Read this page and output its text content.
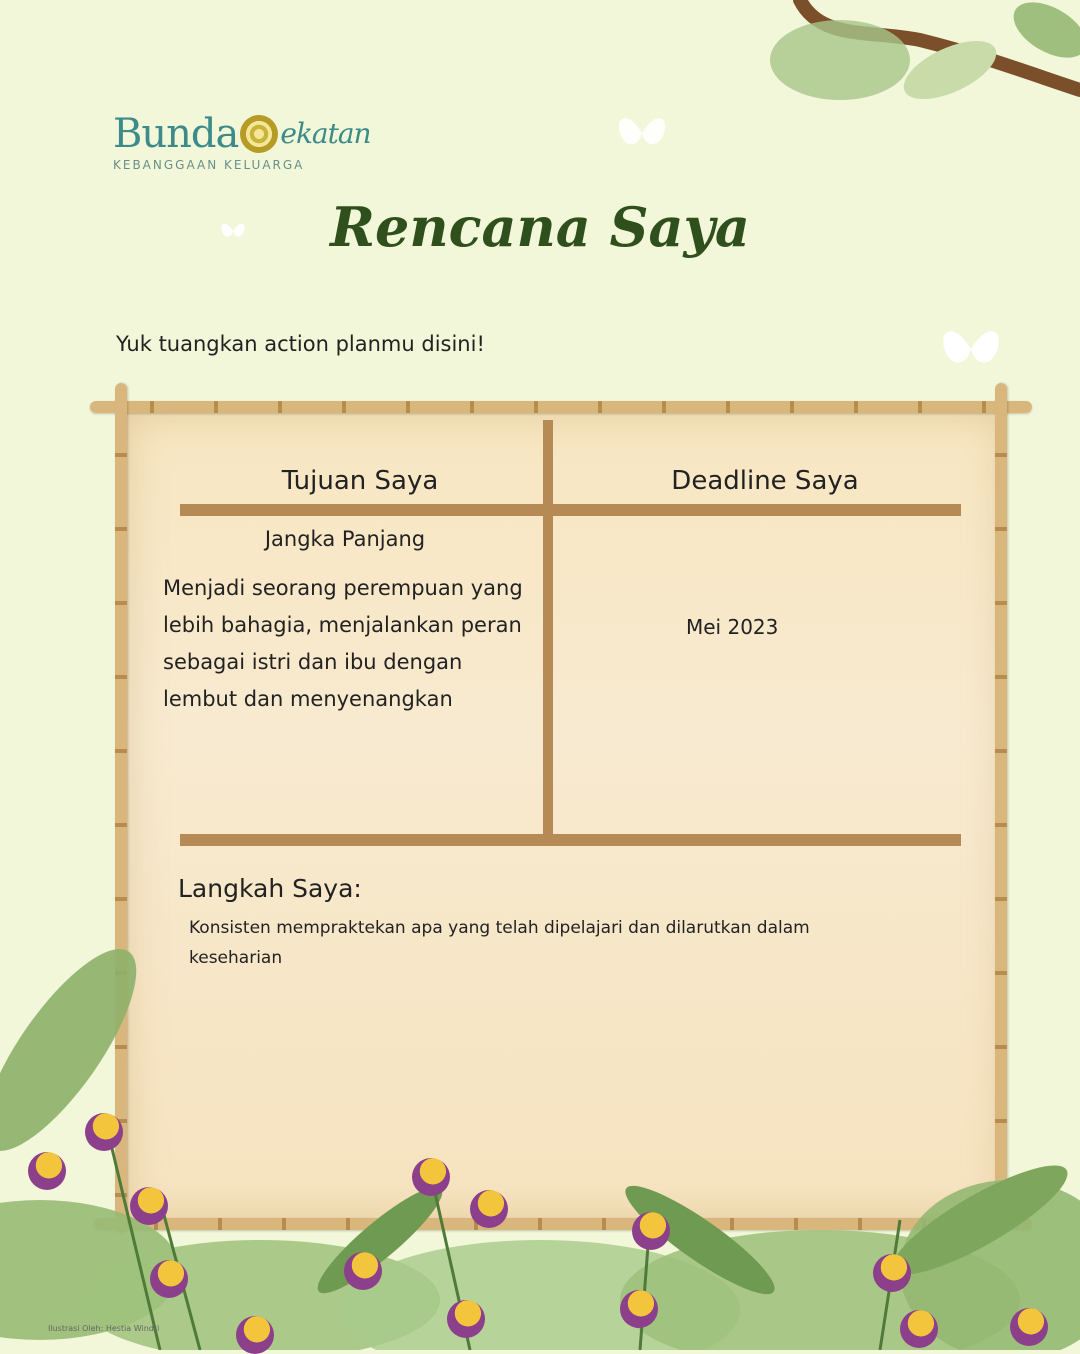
Bunda ekatan
KEBANGGAAN KELUARGA
Rencana Saya
Yuk tuangkan action planmu disini!
Tujuan Saya	Deadline Saya
Jangka Panjang
Menjadi seorang perempuan yang lebih bahagia, menjalankan peran sebagai istri dan ibu dengan lembut dan menyenangkan
Mei 2023
Langkah Saya:
Konsisten mempraktekan apa yang telah dipelajari dan dilarutkan dalam keseharian
Ilustrasi Oleh: Hestia Windri
